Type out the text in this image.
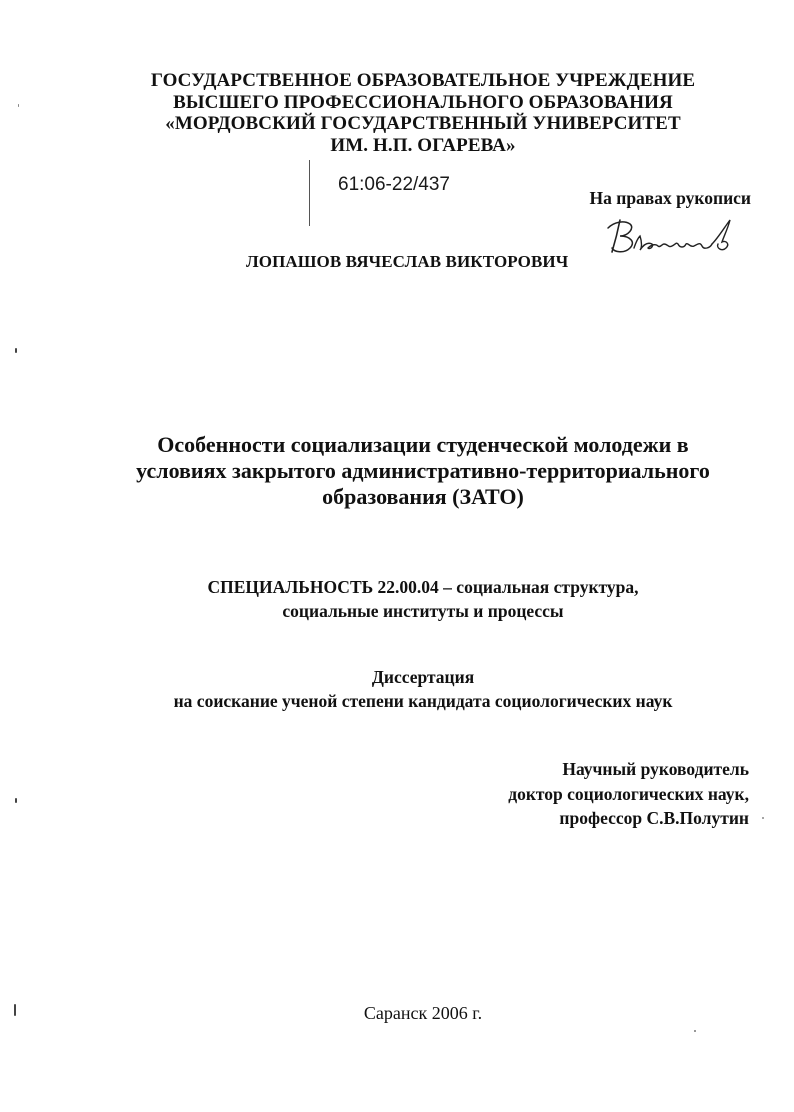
ГОСУДАРСТВЕННОЕ ОБРАЗОВАТЕЛЬНОЕ УЧРЕЖДЕНИЕ
ВЫСШЕГО ПРОФЕССИОНАЛЬНОГО ОБРАЗОВАНИЯ
«МОРДОВСКИЙ ГОСУДАРСТВЕННЫЙ УНИВЕРСИТЕТ
ИМ. Н.П. ОГАРЕВА»
61:06-22/437
На правах рукописи
ЛОПАШОВ ВЯЧЕСЛАВ ВИКТОРОВИЧ
Особенности социализации студенческой молодежи в
условиях закрытого административно-территориального
образования (ЗАТО)
СПЕЦИАЛЬНОСТЬ 22.00.04 – социальная структура,
социальные институты и процессы
Диссертация
на соискание ученой степени кандидата социологических наук
Научный руководитель
доктор социологических наук,
профессор С.В.Полутин
Саранск 2006 г.
